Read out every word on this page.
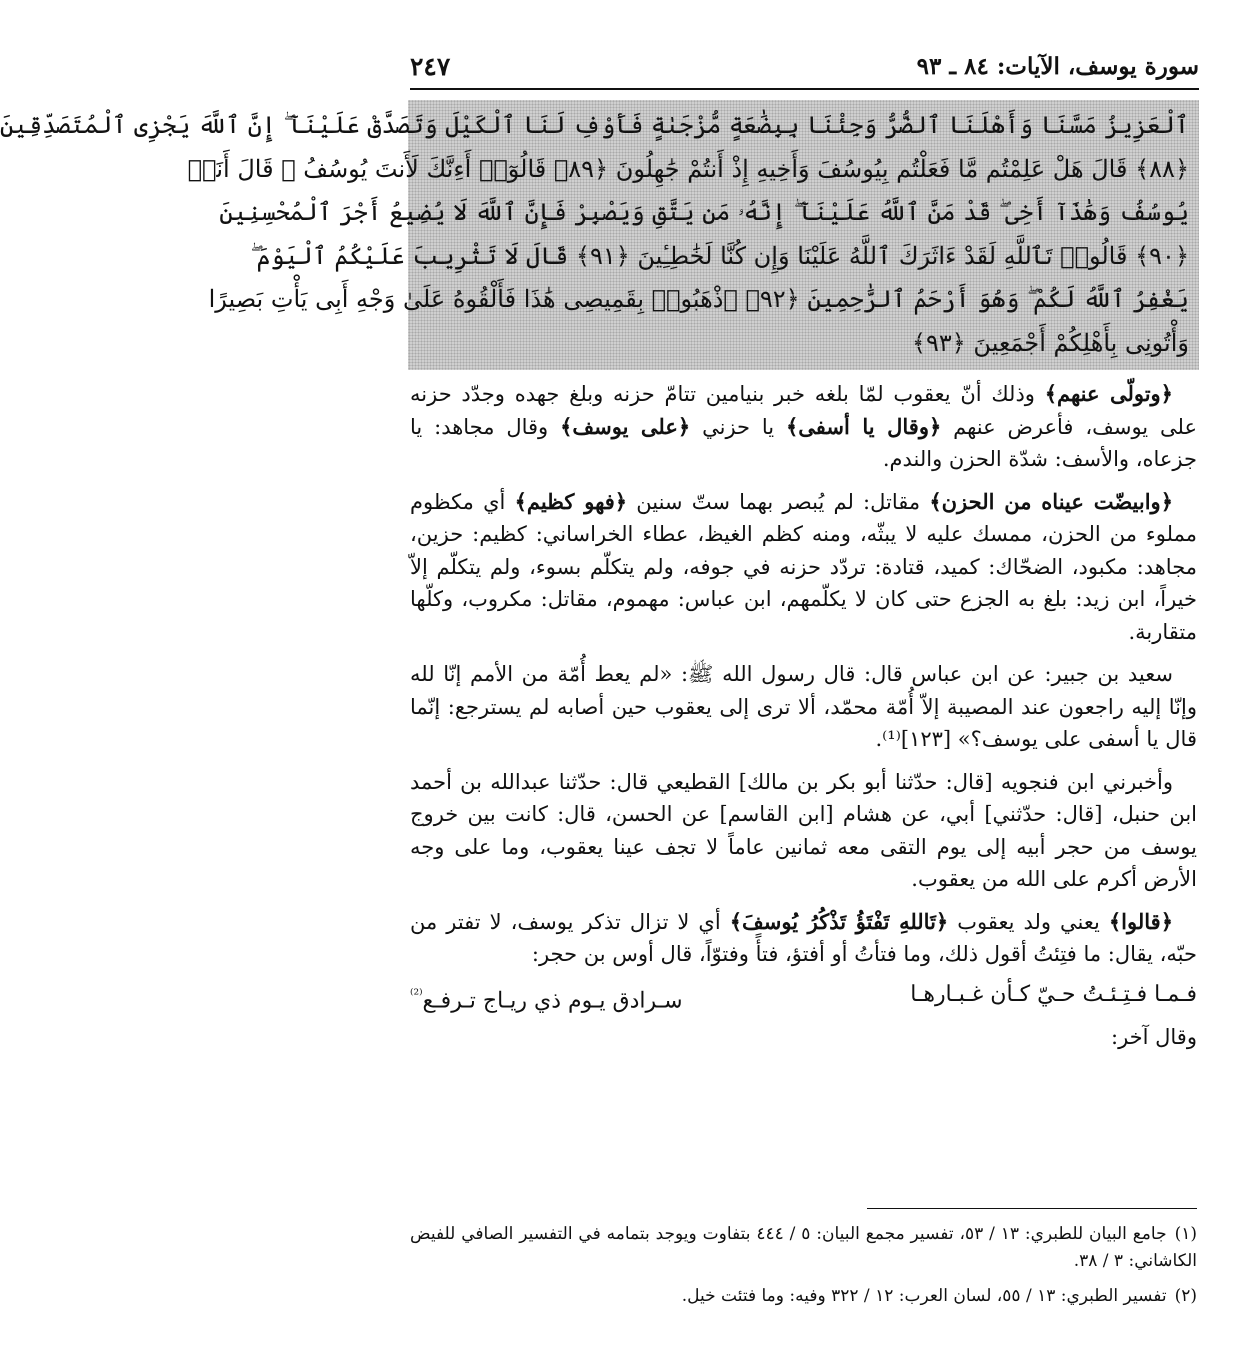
سورة يوسف، الآيات: ٨٤ ـ ٩٣
٢٤٧
ٱلْعَزِيزُ مَسَّنَا وَأَهْلَنَا ٱلضُّرُّ وَجِئْنَا بِبِضَٰعَةٍ مُّزْجَىٰةٍ فَأَوْفِ لَنَا ٱلْكَيْلَ وَتَصَدَّقْ عَلَيْنَآ ۖ إِنَّ ٱللَّهَ يَجْزِى ٱلْمُتَصَدِّقِينَ
﴿٨٨﴾ قَالَ هَلْ عَلِمْتُم مَّا فَعَلْتُم بِيُوسُفَ وَأَخِيهِ إِذْ أَنتُمْ جَٰهِلُونَ ﴿٨٩﴾ قَالُوٓا۟ أَءِنَّكَ لَأَنتَ يُوسُفُ ۖ قَالَ أَنَا۠
يُوسُفُ وَهَٰذَآ أَخِى ۖ قَدْ مَنَّ ٱللَّهُ عَلَيْنَآ ۖ إِنَّهُۥ مَن يَتَّقِ وَيَصْبِرْ فَإِنَّ ٱللَّهَ لَا يُضِيعُ أَجْرَ ٱلْمُحْسِنِينَ
﴿٩٠﴾ قَالُوا۟ تَٱللَّهِ لَقَدْ ءَاثَرَكَ ٱللَّهُ عَلَيْنَا وَإِن كُنَّا لَخَٰطِـِٔينَ ﴿٩١﴾ قَالَ لَا تَثْرِيبَ عَلَيْكُمُ ٱلْيَوْمَ ۖ
يَغْفِرُ ٱللَّهُ لَكُمْ ۖ وَهُوَ أَرْحَمُ ٱلرَّٰحِمِينَ ﴿٩٢﴾ ٱذْهَبُوا۟ بِقَمِيصِى هَٰذَا فَأَلْقُوهُ عَلَىٰ وَجْهِ أَبِى يَأْتِ بَصِيرًا
وَأْتُونِى بِأَهْلِكُمْ أَجْمَعِينَ ﴿٩٣﴾

﴿وتولّى عنهم﴾ وذلك أنّ يعقوب لمّا بلغه خبر بنيامين تتامّ حزنه وبلغ جهده وجدّد حزنه على يوسف، فأعرض عنهم ﴿وقال يا أسفى﴾ يا حزني ﴿على يوسف﴾ وقال مجاهد: يا جزعاه، والأسف: شدّة الحزن والندم.

﴿وابيضّت عيناه من الحزن﴾ مقاتل: لم يُبصر بهما ستّ سنين ﴿فهو كظيم﴾ أي مكظوم مملوء من الحزن، ممسك عليه لا يبثّه، ومنه كظم الغيظ، عطاء الخراساني: كظيم: حزين، مجاهد: مكبود، الضحّاك: كميد، قتادة: تردّد حزنه في جوفه، ولم يتكلّم بسوء، ولم يتكلّم إلاّ خيراً، ابن زيد: بلغ به الجزع حتى كان لا يكلّمهم، ابن عباس: مهموم، مقاتل: مكروب، وكلّها متقاربة.

سعيد بن جبير: عن ابن عباس قال: قال رسول الله ﷺ: «لم يعط أُمّة من الأمم إنّا لله وإنّا إليه راجعون عند المصيبة إلاّ أُمّة محمّد، ألا ترى إلى يعقوب حين أصابه لم يسترجع: إنّما قال يا أسفى على يوسف؟» [١٢٣]⁽¹⁾.

وأخبرني ابن فنجويه [قال: حدّثنا أبو بكر بن مالك] القطيعي قال: حدّثنا عبدالله بن أحمد ابن حنبل، [قال: حدّثني] أبي، عن هشام [ابن القاسم] عن الحسن، قال: كانت بين خروج يوسف من حجر أبيه إلى يوم التقى معه ثمانين عاماً لا تجف عينا يعقوب، وما على وجه الأرض أكرم على الله من يعقوب.

﴿قالوا﴾ يعني ولد يعقوب ﴿تَاللهِ تَفْتَؤُ تَذْكُرُ يُوسفَ﴾ أي لا تزال تذكر يوسف، لا تفتر من حبّه، يقال: ما فتِئتُ أقول ذلك، وما فتأتُ أو أفتؤ، فتأً وفتوّاً، قال أوس بن حجر:

فـمـا فـتِـئـتُ حـيّ كـأن غـبـارهـا
سـرادق يـوم ذي ريـاج تـرفـع$^{^{(2)}}$

وقال آخر:

(١)جامع البيان للطبري: ١٣ / ٥٣، تفسير مجمع البيان: ٥ / ٤٤٤ بتفاوت ويوجد بتمامه في التفسير الصافي للفيض الكاشاني: ٣ / ٣٨.

(٢)تفسير الطبري: ١٣ / ٥٥، لسان العرب: ١٢ / ٣٢٢ وفيه: وما فتئت خيل.
